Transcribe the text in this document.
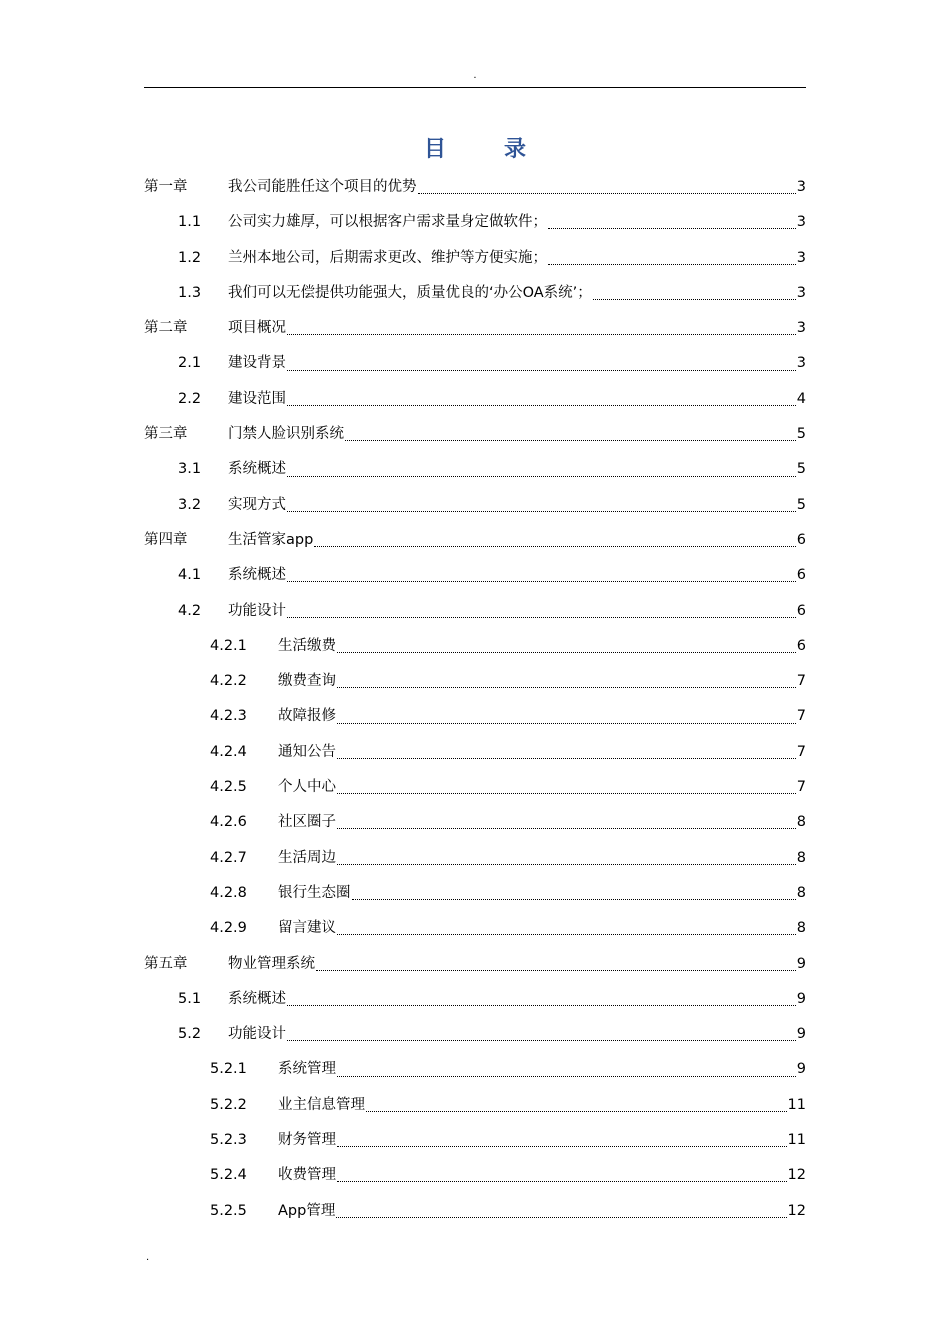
.
目	录
第一章	我公司能胜任这个项目的优势	3
1.1 公司实力雄厚，可以根据客户需求量身定做软件；	3
1.2 兰州本地公司，后期需求更改、维护等方便实施；	3
1.3 我们可以无偿提供功能强大，质量优良的‘办公OA系统’；	3
第二章	项目概况	3
2.1 建设背景	3
2.2 建设范围	4
第三章	门禁人脸识别系统	5
3.1 系统概述	5
3.2 实现方式	5
第四章	生活管家app	6
4.1 系统概述	6
4.2 功能设计	6
4.2.1 生活缴费	6
4.2.2 缴费查询	7
4.2.3 故障报修	7
4.2.4 通知公告	7
4.2.5 个人中心	7
4.2.6 社区圈子	8
4.2.7 生活周边	8
4.2.8 银行生态圈	8
4.2.9 留言建议	8
第五章	物业管理系统	9
5.1 系统概述	9
5.2 功能设计	9
5.2.1 系统管理	9
5.2.2 业主信息管理	11
5.2.3 财务管理	11
5.2.4 收费管理	12
5.2.5 App管理	12
.
